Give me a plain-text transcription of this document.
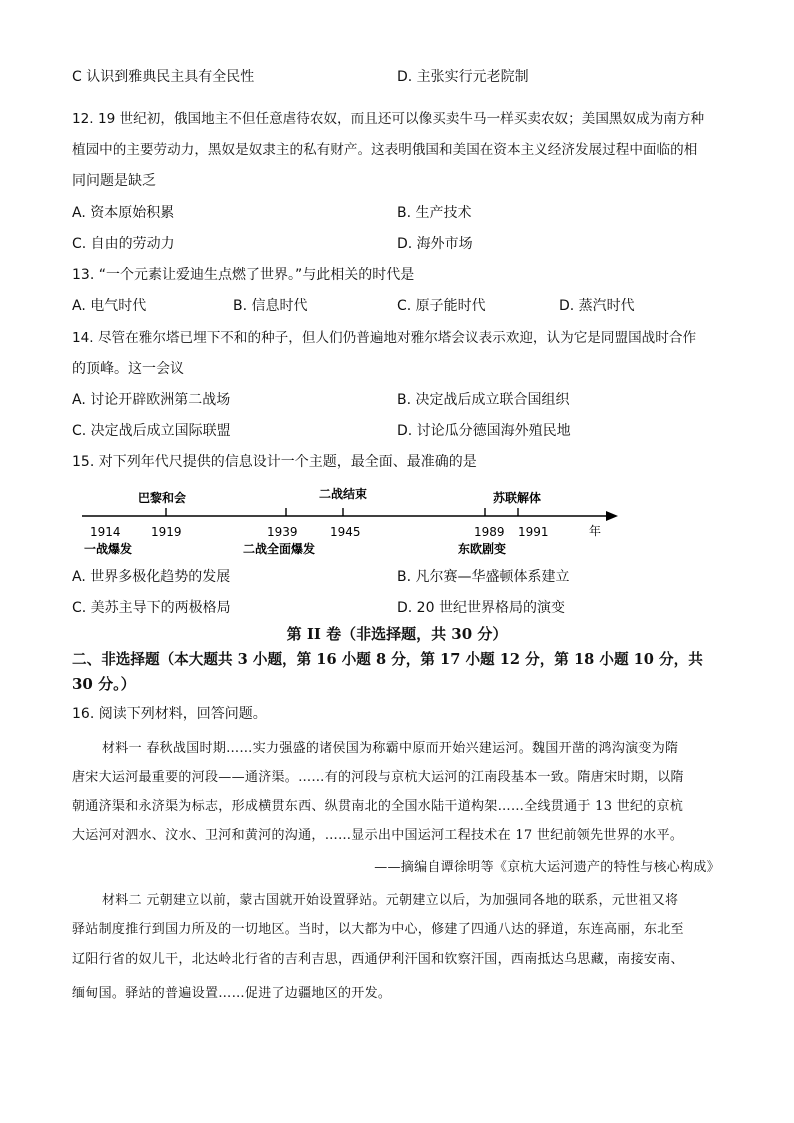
C 认识到雅典民主具有全民性	D. 主张实行元老院制
12. 19 世纪初，俄国地主不但任意虐待农奴，而且还可以像买卖牛马一样买卖农奴；美国黑奴成为南方种
植园中的主要劳动力，黑奴是奴隶主的私有财产。这表明俄国和美国在资本主义经济发展过程中面临的相
同问题是缺乏
A. 资本原始积累	B. 生产技术
C. 自由的劳动力	D. 海外市场
13. “一个元素让爱迪生点燃了世界。”与此相关的时代是
A. 电气时代	B. 信息时代	C. 原子能时代	D. 蒸汽时代
14. 尽管在雅尔塔已埋下不和的种子，但人们仍普遍地对雅尔塔会议表示欢迎，认为它是同盟国战时合作
的顶峰。这一会议
A. 讨论开辟欧洲第二战场	B. 决定战后成立联合国组织
C. 决定战后成立国际联盟	D. 讨论瓜分德国海外殖民地
15. 对下列年代尺提供的信息设计一个主题，最全面、最准确的是
巴黎和会	二战结束	苏联解体
1914	1919	1939	1945	1989 1991	年
一战爆发	二战全面爆发	东欧剧变
A. 世界多极化趋势的发展	B. 凡尔赛—华盛顿体系建立
C. 美苏主导下的两极格局	D. 20 世纪世界格局的演变
第 II 卷（非选择题，共 30 分）
二、非选择题（本大题共 3 小题，第 16 小题 8 分，第 17 小题 12 分，第 18 小题 10 分，共
30 分。）
16. 阅读下列材料，回答问题。
材料一 春秋战国时期……实力强盛的诸侯国为称霸中原而开始兴建运河。魏国开凿的鸿沟演变为隋
唐宋大运河最重要的河段——通济渠。……有的河段与京杭大运河的江南段基本一致。隋唐宋时期，以隋
朝通济渠和永济渠为标志，形成横贯东西、纵贯南北的全国水陆干道构架……全线贯通于 13 世纪的京杭
大运河对泗水、汶水、卫河和黄河的沟通，……显示出中国运河工程技术在 17 世纪前领先世界的水平。
——摘编自谭徐明等《京杭大运河遗产的特性与核心构成》
材料二 元朝建立以前，蒙古国就开始设置驿站。元朝建立以后，为加强同各地的联系，元世祖又将
驿站制度推行到国力所及的一切地区。当时，以大都为中心，修建了四通八达的驿道，东连高丽，东北至
辽阳行省的奴儿干，北达岭北行省的吉利吉思，西通伊利汗国和钦察汗国，西南抵达乌思藏，南接安南、
缅甸国。驿站的普遍设置……促进了边疆地区的开发。
